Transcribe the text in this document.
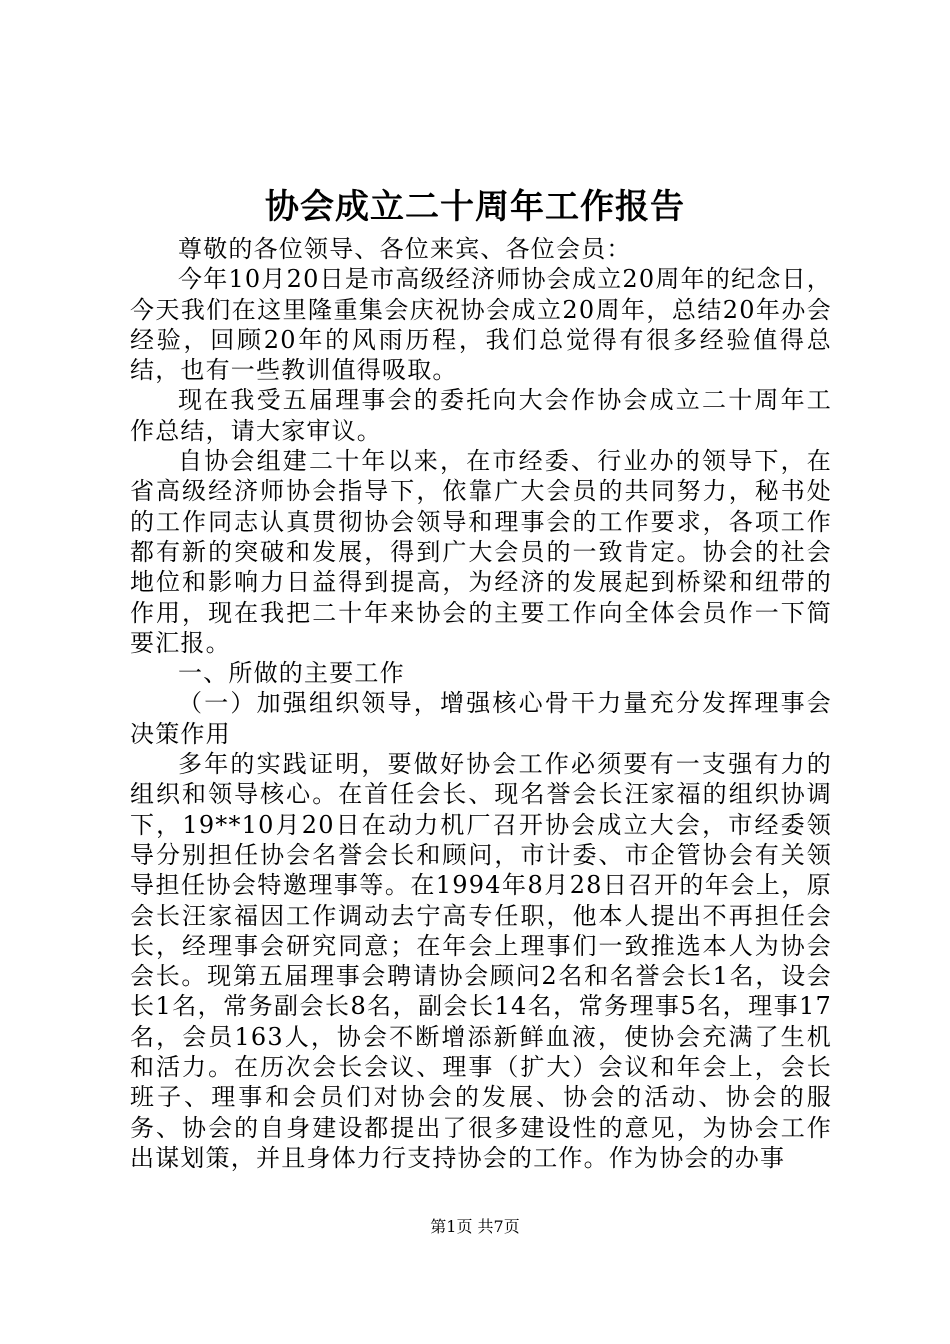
协会成立二十周年工作报告

尊敬的各位领导、各位来宾、各位会员：

今年10月20日是市高级经济师协会成立20周年的纪念日，今天我们在这里隆重集会庆祝协会成立20周年，总结20年办会经验，回顾20年的风雨历程，我们总觉得有很多经验值得总结，也有一些教训值得吸取。

现在我受五届理事会的委托向大会作协会成立二十周年工作总结，请大家审议。

自协会组建二十年以来，在市经委、行业办的领导下，在省高级经济师协会指导下，依靠广大会员的共同努力，秘书处的工作同志认真贯彻协会领导和理事会的工作要求，各项工作都有新的突破和发展，得到广大会员的一致肯定。协会的社会地位和影响力日益得到提高，为经济的发展起到桥梁和纽带的作用，现在我把二十年来协会的主要工作向全体会员作一下简要汇报。

一、所做的主要工作

（一）加强组织领导，增强核心骨干力量充分发挥理事会决策作用

多年的实践证明，要做好协会工作必须要有一支强有力的组织和领导核心。在首任会长、现名誉会长汪家福的组织协调下，19**10月20日在动力机厂召开协会成立大会，市经委领导分别担任协会名誉会长和顾问，市计委、市企管协会有关领导担任协会特邀理事等。在1994年8月28日召开的年会上，原会长汪家福因工作调动去宁高专任职，他本人提出不再担任会长，经理事会研究同意；在年会上理事们一致推选本人为协会会长。现第五届理事会聘请协会顾问2名和名誉会长1名，设会长1名，常务副会长8名，副会长14名，常务理事5名，理事17名，会员163人，协会不断增添新鲜血液，使协会充满了生机和活力。在历次会长会议、理事（扩大）会议和年会上，会长班子、理事和会员们对协会的发展、协会的活动、协会的服务、协会的自身建设都提出了很多建设性的意见，为协会工作出谋划策，并且身体力行支持协会的工作。作为协会的办事

第1页 共7页
